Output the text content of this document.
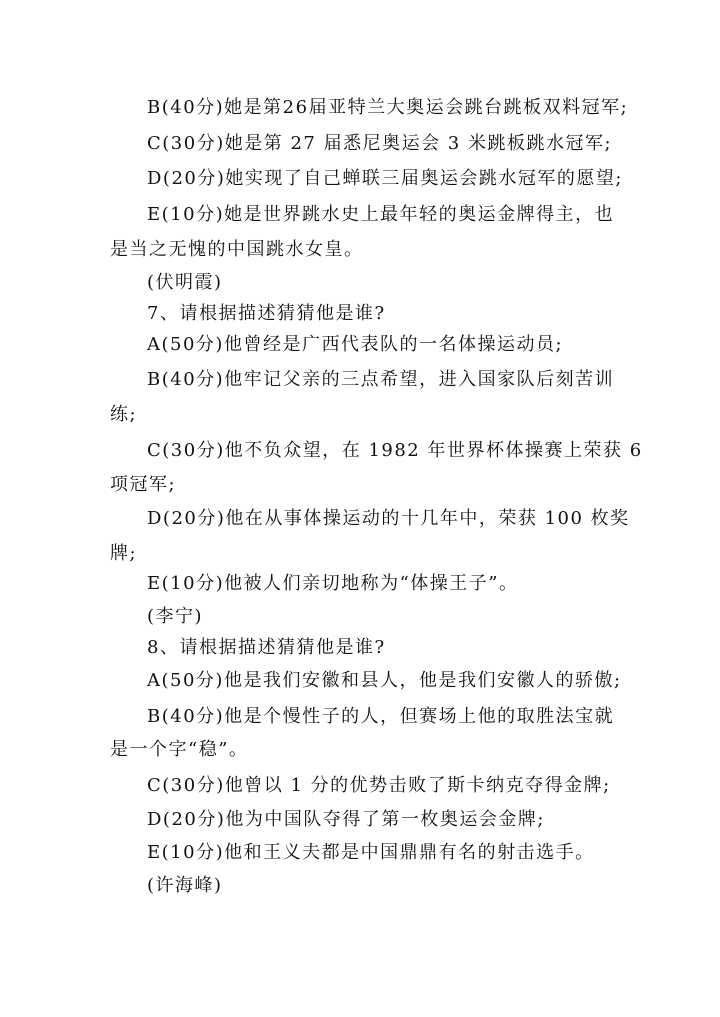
B(40分)她是第26届亚特兰大奥运会跳台跳板双料冠军;
C(30分)她是第 27 届悉尼奥运会 3 米跳板跳水冠军;
D(20分)她实现了自己蝉联三届奥运会跳水冠军的愿望;
E(10分)她是世界跳水史上最年轻的奥运金牌得主，也
是当之无愧的中国跳水女皇。
(伏明霞)
7、请根据描述猜猜他是谁?
A(50分)他曾经是广西代表队的一名体操运动员;
B(40分)他牢记父亲的三点希望，进入国家队后刻苦训
练;
C(30分)他不负众望，在 1982 年世界杯体操赛上荣获 6
项冠军;
D(20分)他在从事体操运动的十几年中，荣获 100 枚奖
牌;
E(10分)他被人们亲切地称为“体操王子”。
(李宁)
8、请根据描述猜猜他是谁?
A(50分)他是我们安徽和县人，他是我们安徽人的骄傲;
B(40分)他是个慢性子的人，但赛场上他的取胜法宝就
是一个字“稳”。
C(30分)他曾以 1 分的优势击败了斯卡纳克夺得金牌;
D(20分)他为中国队夺得了第一枚奥运会金牌;
E(10分)他和王义夫都是中国鼎鼎有名的射击选手。
(许海峰)
